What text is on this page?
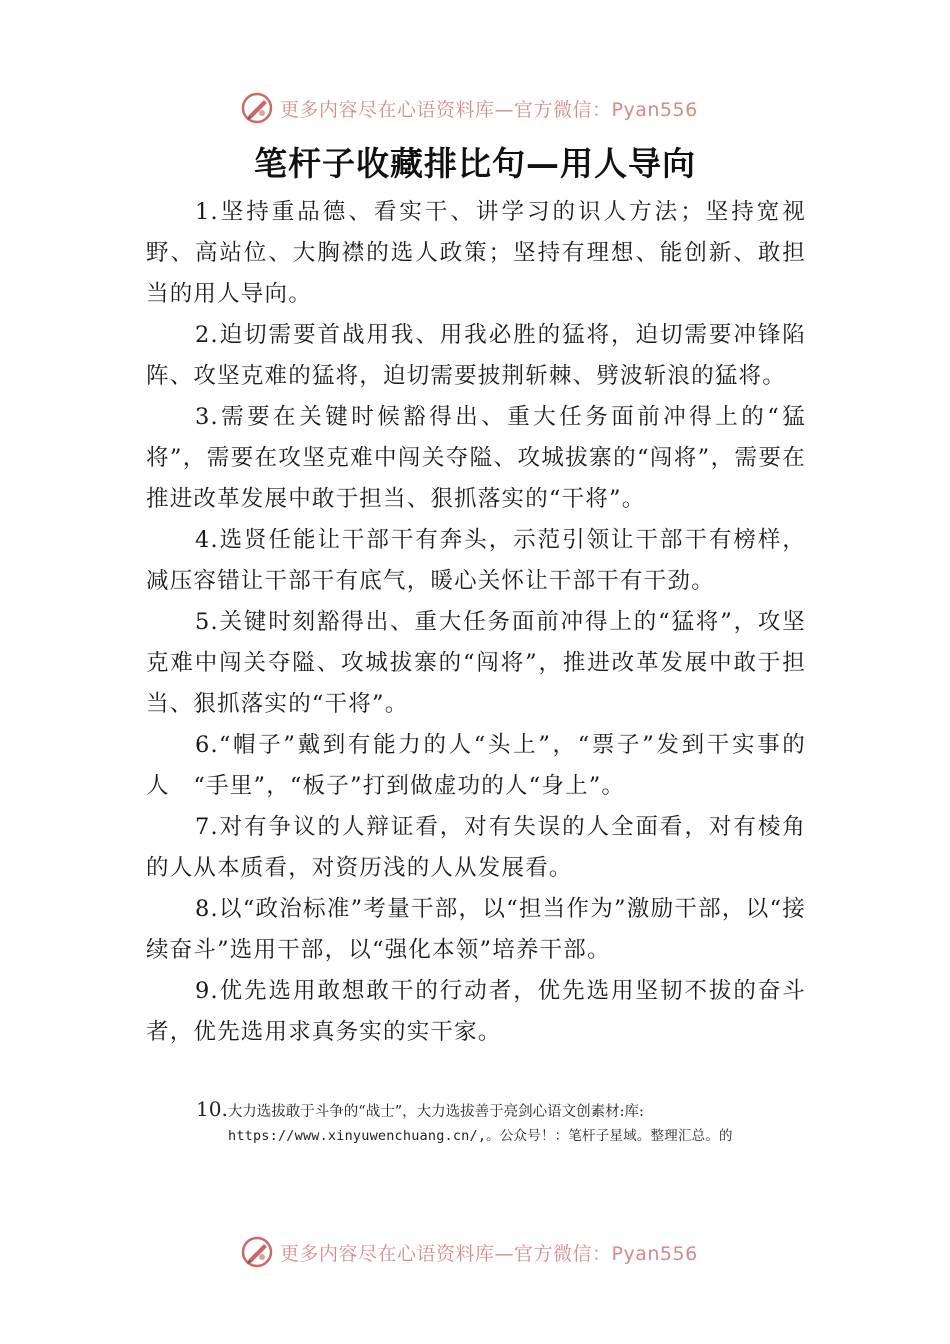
更多内容尽在心语资料库—官方微信：Pyan556
笔杆子收藏排比句—用人导向

1.坚持重品德、看实干、讲学习的识人方法；坚持宽视野、高站位、大胸襟的选人政策；坚持有理想、能创新、敢担当的用人导向。

2.迫切需要首战用我、用我必胜的猛将，迫切需要冲锋陷阵、攻坚克难的猛将，迫切需要披荆斩棘、劈波斩浪的猛将。

3.需要在关键时候豁得出、重大任务面前冲得上的“猛将”，需要在攻坚克难中闯关夺隘、攻城拔寨的“闯将”，需要在推进改革发展中敢于担当、狠抓落实的“干将”。

4.选贤任能让干部干有奔头，示范引领让干部干有榜样，减压容错让干部干有底气，暖心关怀让干部干有干劲。

5.关键时刻豁得出、重大任务面前冲得上的“猛将”，攻坚克难中闯关夺隘、攻城拔寨的“闯将”，推进改革发展中敢于担当、狠抓落实的“干将”。

6.“帽子”戴到有能力的人“头上”，“票子”发到干实事的人　“手里”，“板子”打到做虚功的人“身上”。

7.对有争议的人辩证看，对有失误的人全面看，对有棱角的人从本质看，对资历浅的人从发展看。

8.以“政治标准”考量干部，以“担当作为”激励干部，以“接续奋斗”选用干部，以“强化本领”培养干部。

9.优先选用敢想敢干的行动者，优先选用坚韧不拔的奋斗者，优先选用求真务实的实干家。

10.大力选拔敢于斗争的“战士”，大力选拔善于亮剑心语文创素材:库:
https://www.xinyuwenchuang.cn/,。公众号！：笔杆子星域。整理汇总。的
更多内容尽在心语资料库—官方微信：Pyan556
